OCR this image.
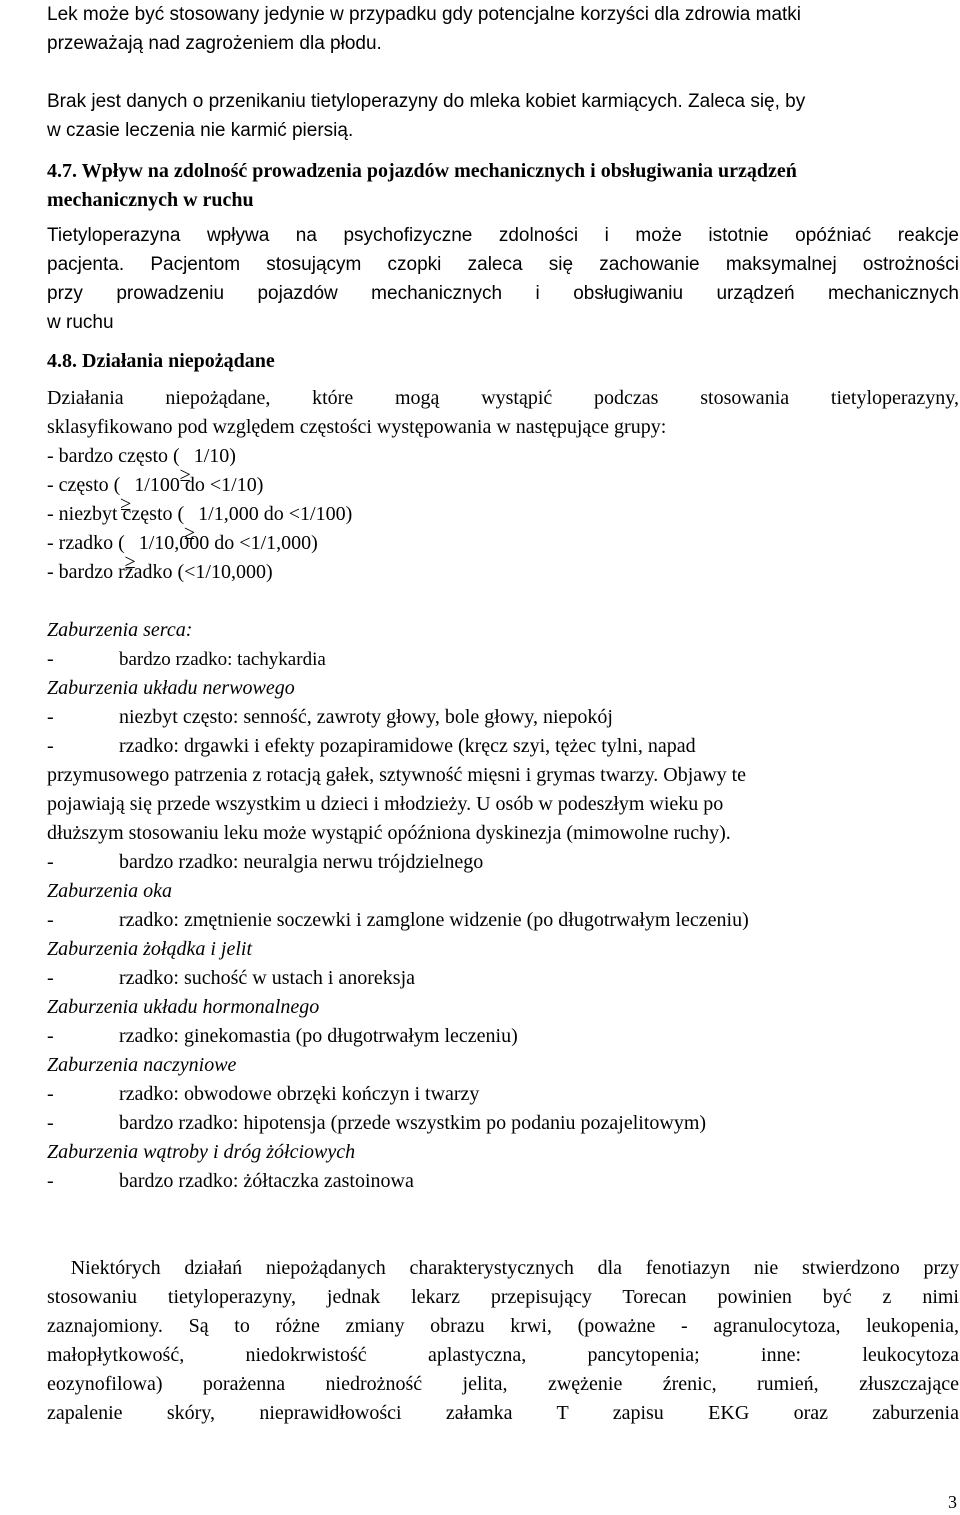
Lek może być stosowany jedynie w przypadku gdy potencjalne korzyści dla zdrowia matki

przeważają nad zagrożeniem dla płodu.

Brak jest danych o przenikaniu tietyloperazyny do mleka kobiet karmiących. Zaleca się, by

w czasie leczenia nie karmić piersią.

4.7. Wpływ na zdolność prowadzenia pojazdów mechanicznych i obsługiwania urządzeń

mechanicznych w ruchu

Tietyloperazyna wpływa na psychofizyczne zdolności i może istotnie opóźniać reakcje

pacjenta. Pacjentom stosującym czopki zaleca się zachowanie maksymalnej ostrożności

przy prowadzeniu pojazdów mechanicznych i obsługiwaniu urządzeń mechanicznych

w ruchu

4.8. Działania niepożądane

Działania niepożądane, które mogą wystąpić podczas stosowania tietyloperazyny,

sklasyfikowano pod względem częstości występowania w następujące grupy:

- bardzo często ( 1/10)
- często ( 1/100 do <1/10)
- niezbyt często ( 1/1,000 do <1/100)
- rzadko ( 1/10,000 do <1/1,000)
- bardzo rzadko (<1/10,000)

Zaburzenia serca:

-	bardzo rzadko: tachykardia

Zaburzenia układu nerwowego

-	niezbyt często: senność, zawroty głowy, bole głowy, niepokój
-	rzadko: drgawki i efekty pozapiramidowe (kręcz szyi, tężec tylni, napad

przymusowego patrzenia z rotacją gałek, sztywność mięsni i grymas twarzy. Objawy te

pojawiają się przede wszystkim u dzieci i młodzieży. U osób w podeszłym wieku po

dłuższym stosowaniu leku może wystąpić opóźniona dyskinezja (mimowolne ruchy).

-	bardzo rzadko: neuralgia nerwu trójdzielnego

Zaburzenia oka

-	rzadko: zmętnienie soczewki i zamglone widzenie (po długotrwałym leczeniu)

Zaburzenia żołądka i jelit

-	rzadko: suchość w ustach i anoreksja

Zaburzenia układu hormonalnego

-	rzadko: ginekomastia (po długotrwałym leczeniu)

Zaburzenia naczyniowe

-	rzadko: obwodowe obrzęki kończyn i twarzy
-	bardzo rzadko: hipotensja (przede wszystkim po podaniu pozajelitowym)

Zaburzenia wątroby i dróg żółciowych

-	bardzo rzadko: żółtaczka zastoinowa

Niektórych działań niepożądanych charakterystycznych dla fenotiazyn nie stwierdzono przy

stosowaniu tietyloperazyny, jednak lekarz przepisujący Torecan powinien być z nimi

zaznajomiony. Są to różne zmiany obrazu krwi, (poważne - agranulocytoza, leukopenia,

małopłytkowość, niedokrwistość aplastyczna, pancytopenia; inne: leukocytoza

eozynofilowa) porażenna niedrożność jelita, zwężenie źrenic, rumień, złuszczające

zapalenie skóry, nieprawidłowości załamka T zapisu EKG oraz zaburzenia

3
